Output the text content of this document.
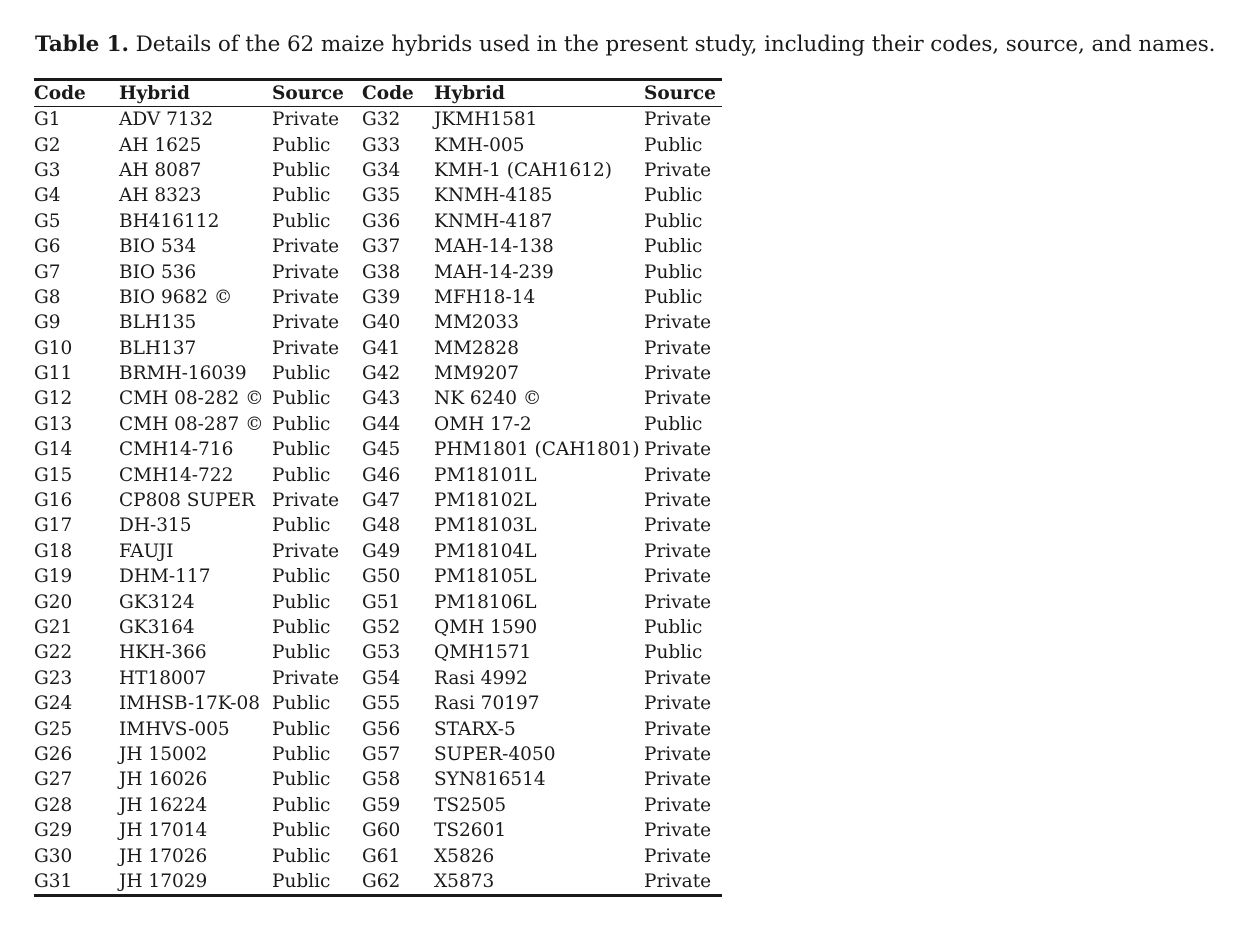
Table 1. Details of the 62 maize hybrids used in the present study, including their codes, source, and names.
Code	Hybrid	Source	Code	Hybrid	Source
G1	ADV 7132	Private	G32	JKMH1581	Private
G2	AH 1625	Public	G33	KMH-005	Public
G3	AH 8087	Public	G34	KMH-1 (CAH1612)	Private
G4	AH 8323	Public	G35	KNMH-4185	Public
G5	BH416112	Public	G36	KNMH-4187	Public
G6	BIO 534	Private	G37	MAH-14-138	Public
G7	BIO 536	Private	G38	MAH-14-239	Public
G8	BIO 9682 ©	Private	G39	MFH18-14	Public
G9	BLH135	Private	G40	MM2033	Private
G10	BLH137	Private	G41	MM2828	Private
G11	BRMH-16039	Public	G42	MM9207	Private
G12	CMH 08-282 ©	Public	G43	NK 6240 ©	Private
G13	CMH 08-287 ©	Public	G44	OMH 17-2	Public
G14	CMH14-716	Public	G45	PHM1801 (CAH1801)	Private
G15	CMH14-722	Public	G46	PM18101L	Private
G16	CP808 SUPER	Private	G47	PM18102L	Private
G17	DH-315	Public	G48	PM18103L	Private
G18	FAUJI	Private	G49	PM18104L	Private
G19	DHM-117	Public	G50	PM18105L	Private
G20	GK3124	Public	G51	PM18106L	Private
G21	GK3164	Public	G52	QMH 1590	Public
G22	HKH-366	Public	G53	QMH1571	Public
G23	HT18007	Private	G54	Rasi 4992	Private
G24	IMHSB-17K-08	Public	G55	Rasi 70197	Private
G25	IMHVS-005	Public	G56	STARX-5	Private
G26	JH 15002	Public	G57	SUPER-4050	Private
G27	JH 16026	Public	G58	SYN816514	Private
G28	JH 16224	Public	G59	TS2505	Private
G29	JH 17014	Public	G60	TS2601	Private
G30	JH 17026	Public	G61	X5826	Private
G31	JH 17029	Public	G62	X5873	Private
